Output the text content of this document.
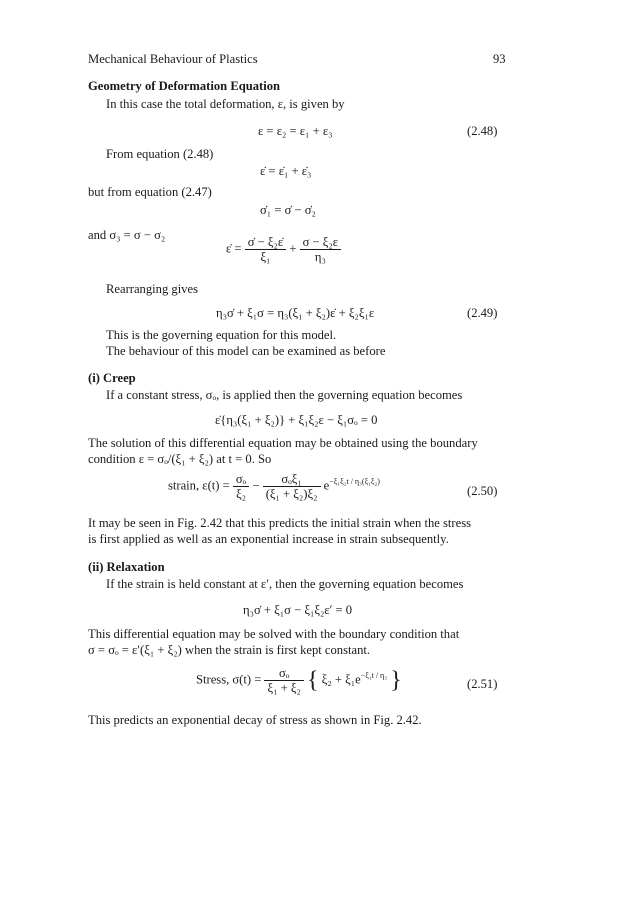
Mechanical Behaviour of Plastics	93
Geometry of Deformation Equation
In this case the total deformation, ε, is given by
ε = ε₂ = ε₁ + ε₃	(2.48)
From equation (2.48)
ε̇ = ε̇₁ + ε̇₃
but from equation (2.47)
σ̇₁ = σ̇ − σ̇₂
and σ₃ = σ − σ₂
ε̇ = $\frac{\text{σ̇ − ξ₂ε̇}}{\text{ξ₁}} + \frac{\text{σ − ξ₂ε}}{\text{η₃}}$
Rearranging gives
η₃σ̇ + ξ₁σ = η₃(ξ₁ + ξ₂)ε̇ + ξ₂ξ₁ε	(2.49)
This is the governing equation for this model.
The behaviour of this model can be examined as before
(i) Creep
If a constant stress, σₒ, is applied then the governing equation becomes
ε̇{η₃(ξ₁ + ξ₂)} + ξ₁ξ₂ε − ξ₁σₒ = 0
The solution of this differential equation may be obtained using the boundary
condition ε = σₒ/(ξ₁ + ξ₂) at t = 0. So
strain, $\varepsilon(t) = \frac{\text{σₒ}}{\text{ξ₂}} - \frac{\text{σₒξ₁}}{\text{(ξ₁ + ξ₂)ξ₂}} e^{-\xi_1\xi_2t / \eta_3(\xi_1\xi_2)}$
(2.50)
It may be seen in Fig. 2.42 that this predicts the initial strain when the stress
is first applied as well as an exponential increase in strain subsequently.
(ii) Relaxation
If the strain is held constant at ε′, then the governing equation becomes
η₃σ̇ + ξ₁σ − ξ₁ξ₂ε′ = 0
This differential equation may be solved with the boundary condition that
σ = σₒ = ε′(ξ₁ + ξ₂) when the strain is first kept constant.
Stress, $\sigma(t) = \frac{\text{σₒ}}{\text{ξ₁ + ξ₂}}$ { $\xi_2 + \xi_1e^{-\xi_1t / \eta_3}$ }	(2.51)
This predicts an exponential decay of stress as shown in Fig. 2.42.
